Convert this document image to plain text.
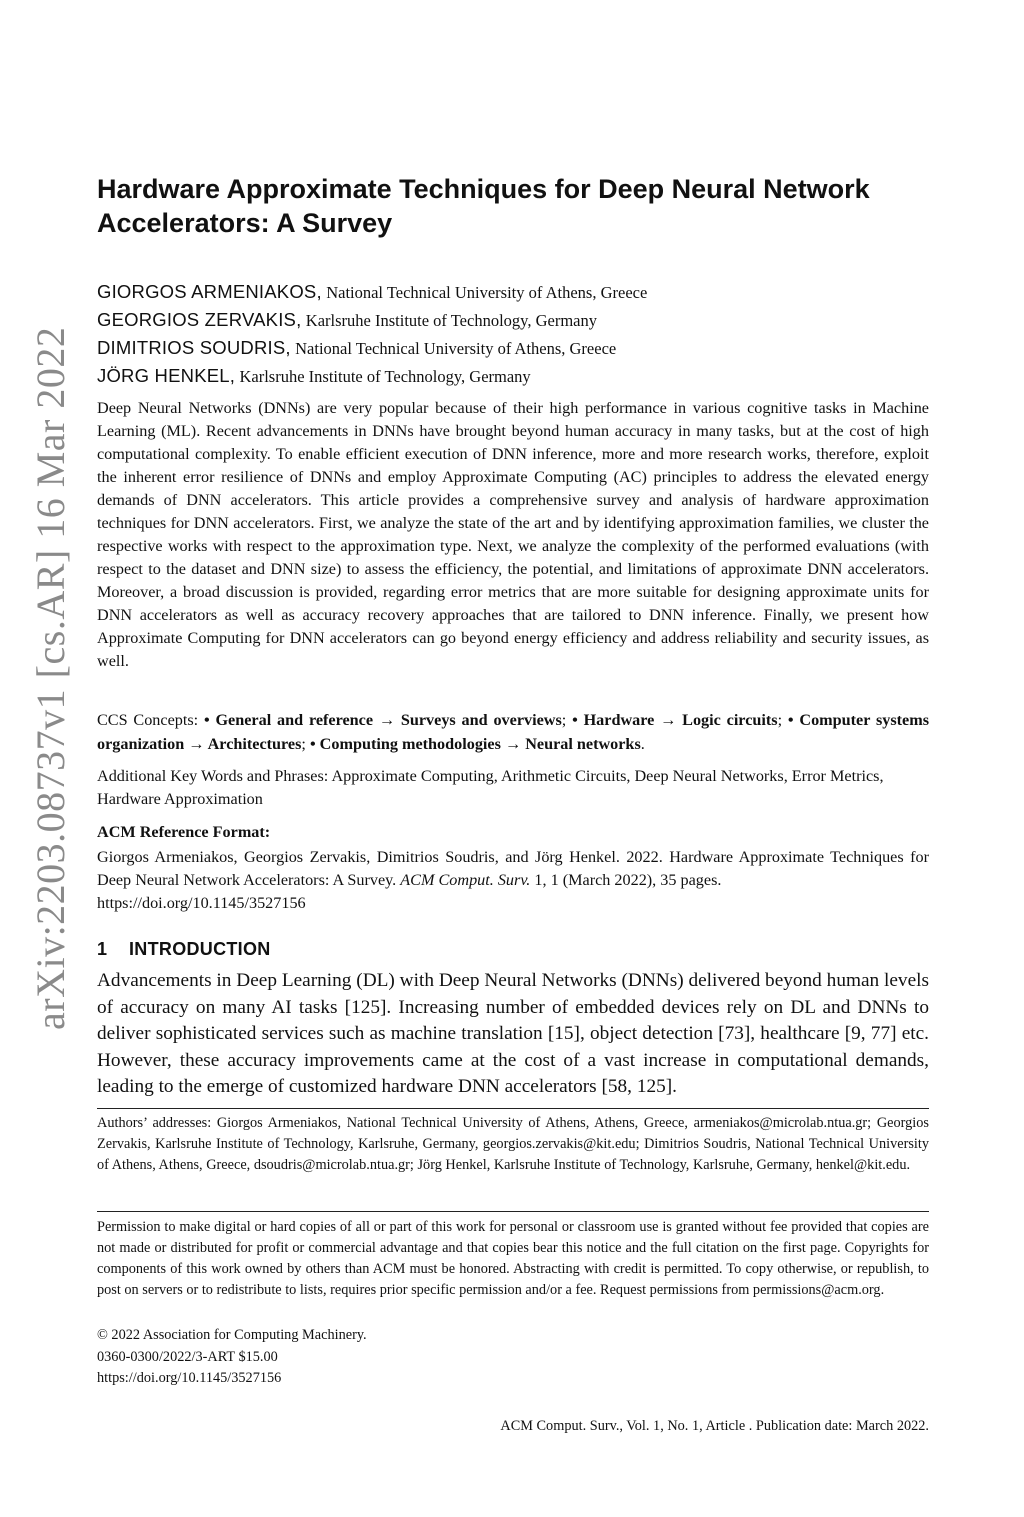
arXiv:2203.08737v1 [cs.AR] 16 Mar 2022
Hardware Approximate Techniques for Deep Neural Network Accelerators: A Survey
GIORGOS ARMENIAKOS, National Technical University of Athens, Greece
GEORGIOS ZERVAKIS, Karlsruhe Institute of Technology, Germany
DIMITRIOS SOUDRIS, National Technical University of Athens, Greece
JÖRG HENKEL, Karlsruhe Institute of Technology, Germany

Deep Neural Networks (DNNs) are very popular because of their high performance in various cognitive tasks in Machine Learning (ML). Recent advancements in DNNs have brought beyond human accuracy in many tasks, but at the cost of high computational complexity. To enable efficient execution of DNN inference, more and more research works, therefore, exploit the inherent error resilience of DNNs and employ Approximate Computing (AC) principles to address the elevated energy demands of DNN accelerators. This article provides a comprehensive survey and analysis of hardware approximation techniques for DNN accelerators. First, we analyze the state of the art and by identifying approximation families, we cluster the respective works with respect to the approximation type. Next, we analyze the complexity of the performed evaluations (with respect to the dataset and DNN size) to assess the efficiency, the potential, and limitations of approximate DNN accelerators. Moreover, a broad discussion is provided, regarding error metrics that are more suitable for designing approximate units for DNN accelerators as well as accuracy recovery approaches that are tailored to DNN inference. Finally, we present how Approximate Computing for DNN accelerators can go beyond energy efficiency and address reliability and security issues, as well.

CCS Concepts: • General and reference → Surveys and overviews; • Hardware → Logic circuits; • Computer systems organization → Architectures; • Computing methodologies → Neural networks.

Additional Key Words and Phrases: Approximate Computing, Arithmetic Circuits, Deep Neural Networks, Error Metrics, Hardware Approximation

ACM Reference Format:

Giorgos Armeniakos, Georgios Zervakis, Dimitrios Soudris, and Jörg Henkel. 2022. Hardware Approximate Techniques for Deep Neural Network Accelerators: A Survey. ACM Comput. Surv. 1, 1 (March 2022), 35 pages.
https://doi.org/10.1145/3527156

1 INTRODUCTION

Advancements in Deep Learning (DL) with Deep Neural Networks (DNNs) delivered beyond human levels of accuracy on many AI tasks [125]. Increasing number of embedded devices rely on DL and DNNs to deliver sophisticated services such as machine translation [15], object detection [73], healthcare [9, 77] etc. However, these accuracy improvements came at the cost of a vast increase in computational demands, leading to the emerge of customized hardware DNN accelerators [58, 125].

Authors’ addresses: Giorgos Armeniakos, National Technical University of Athens, Athens, Greece, armeniakos@microlab.ntua.gr; Georgios Zervakis, Karlsruhe Institute of Technology, Karlsruhe, Germany, georgios.zervakis@kit.edu; Dimitrios Soudris, National Technical University of Athens, Athens, Greece, dsoudris@microlab.ntua.gr; Jörg Henkel, Karlsruhe Institute of Technology, Karlsruhe, Germany, henkel@kit.edu.

Permission to make digital or hard copies of all or part of this work for personal or classroom use is granted without fee provided that copies are not made or distributed for profit or commercial advantage and that copies bear this notice and the full citation on the first page. Copyrights for components of this work owned by others than ACM must be honored. Abstracting with credit is permitted. To copy otherwise, or republish, to post on servers or to redistribute to lists, requires prior specific permission and/or a fee. Request permissions from permissions@acm.org.

© 2022 Association for Computing Machinery.
0360-0300/2022/3-ART $15.00
https://doi.org/10.1145/3527156
ACM Comput. Surv., Vol. 1, No. 1, Article . Publication date: March 2022.
